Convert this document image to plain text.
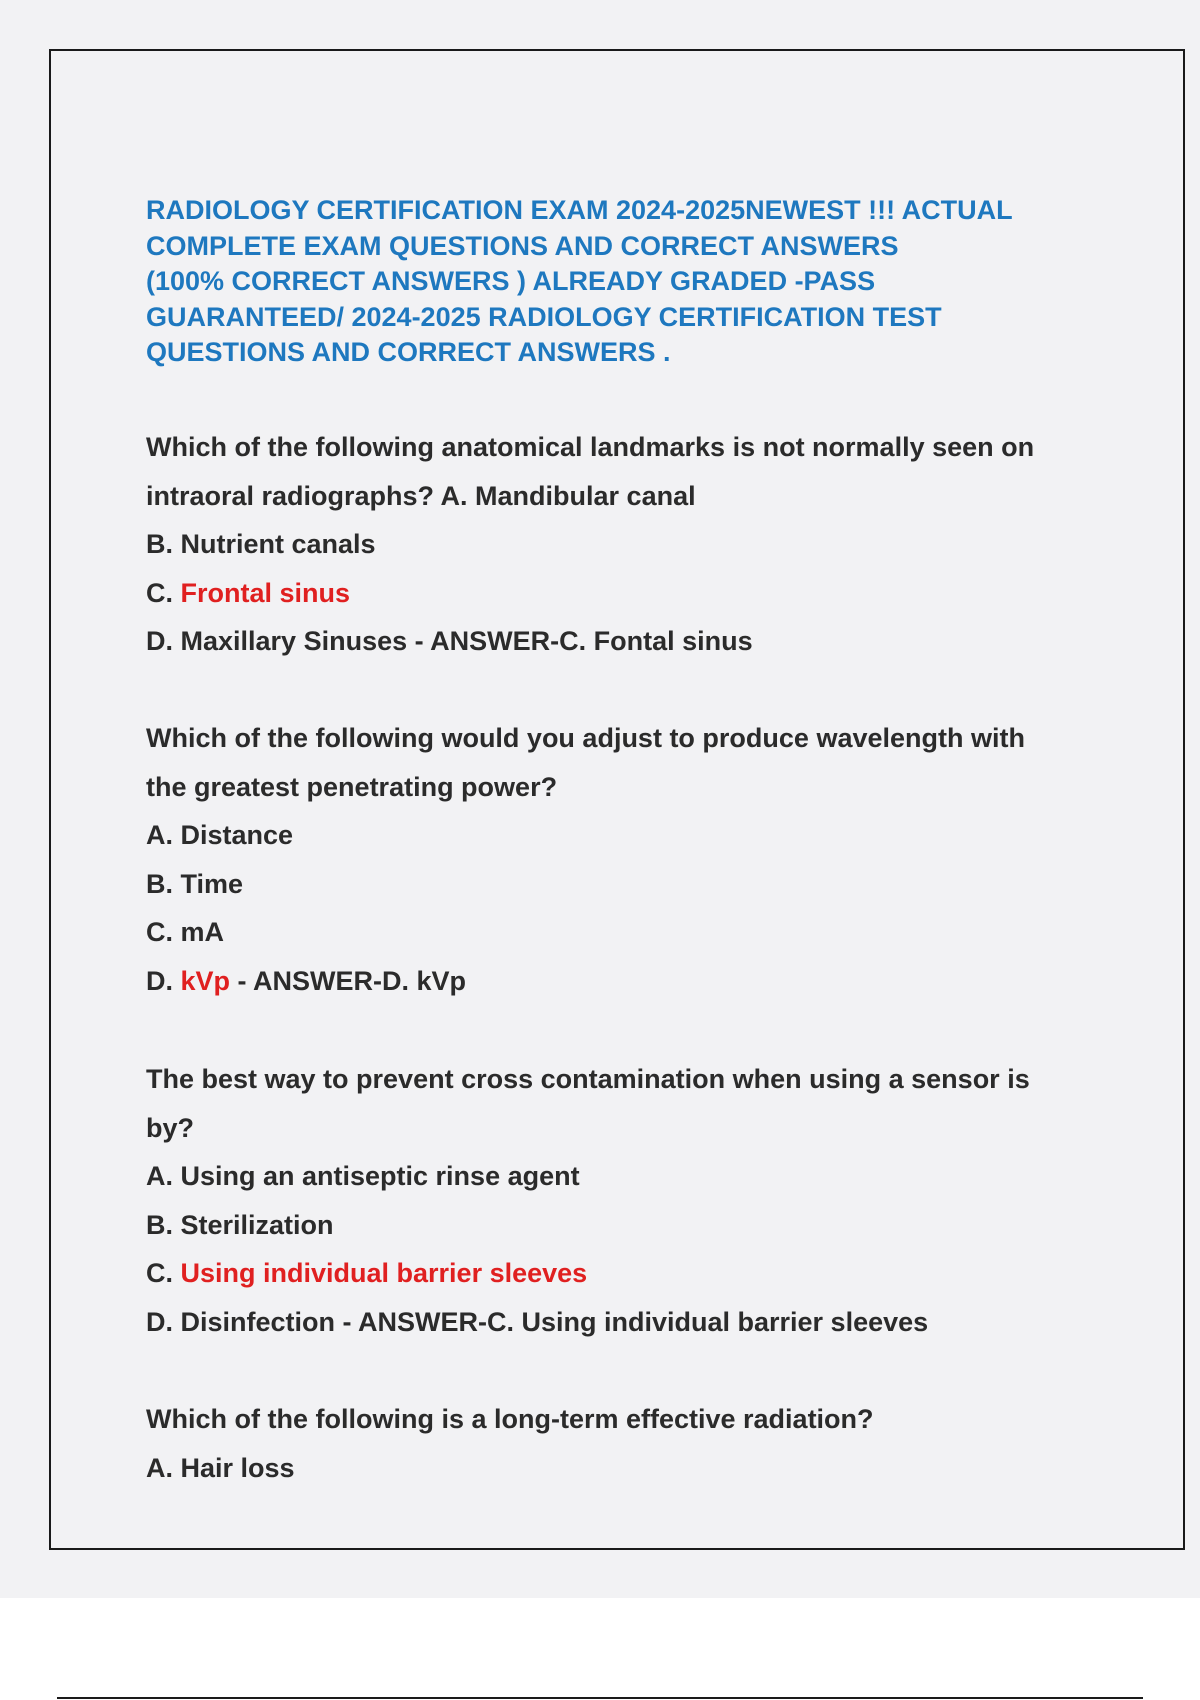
RADIOLOGY CERTIFICATION EXAM 2024-2025NEWEST !!! ACTUAL
COMPLETE EXAM QUESTIONS AND CORRECT ANSWERS
(100% CORRECT ANSWERS ) ALREADY GRADED -PASS
GUARANTEED/ 2024-2025 RADIOLOGY CERTIFICATION TEST
QUESTIONS AND CORRECT ANSWERS .
Which of the following anatomical landmarks is not normally seen on
intraoral radiographs? A. Mandibular canal
B. Nutrient canals
C. Frontal sinus
D. Maxillary Sinuses - ANSWER-C. Fontal sinus
Which of the following would you adjust to produce wavelength with
the greatest penetrating power?
A. Distance
B. Time
C. mA
D. kVp - ANSWER-D. kVp
The best way to prevent cross contamination when using a sensor is
by?
A. Using an antiseptic rinse agent
B. Sterilization
C. Using individual barrier sleeves
D. Disinfection - ANSWER-C. Using individual barrier sleeves
Which of the following is a long-term effective radiation?
A. Hair loss
